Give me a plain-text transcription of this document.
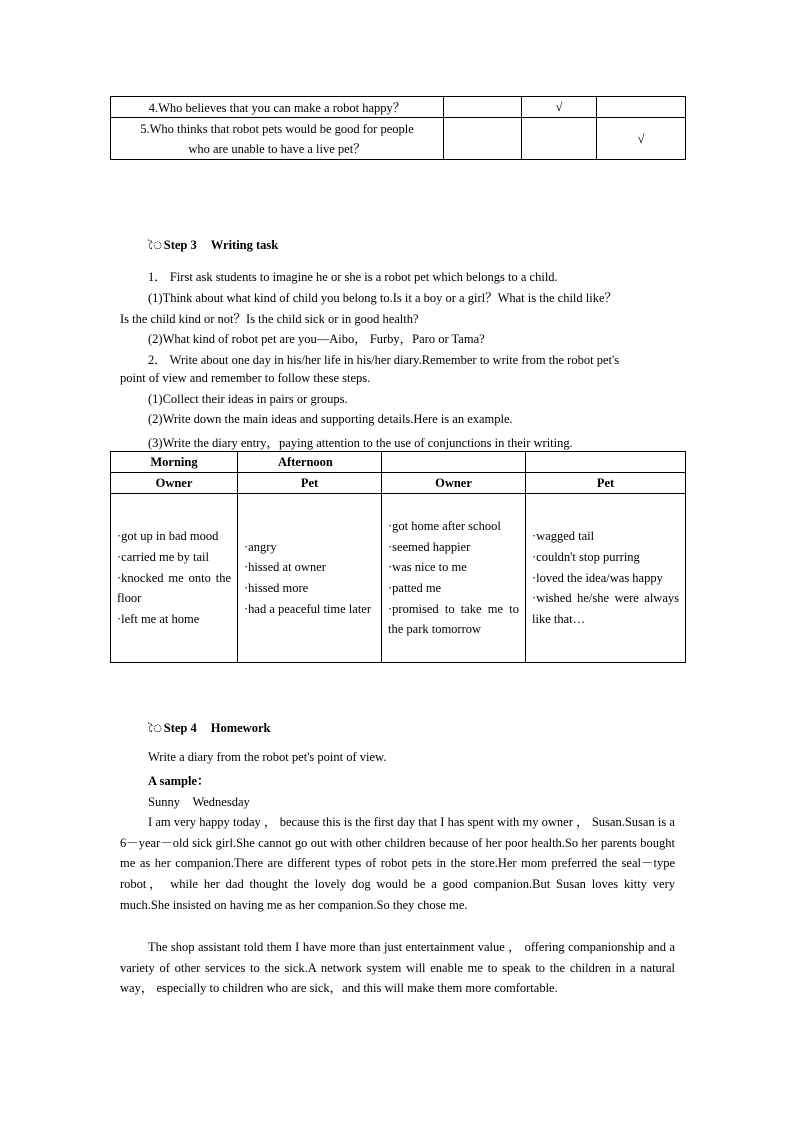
4.Who believes that you can make a robot happy？		√	
5.Who thinks that robot pets would be good for people
who are unable to have a live pet？			√
ৈStep 3 Writing task
1． First ask students to imagine he or she is a robot pet which belongs to a child.
(1)Think about what kind of child you belong to.Is it a boy or a girl？What is the child like？
Is the child kind or not？Is the child sick or in good health?
(2)What kind of robot pet are you—Aibo， Furby，Paro or Tama?
2． Write about one day in his/her life in his/her diary.Remember to write from the robot pet's
point of view and remember to follow these steps.
(1)Collect their ideas in pairs or groups.
(2)Write down the main ideas and supporting details.Here is an example.
(3)Write the diary entry，paying attention to the use of conjunctions in their writing.
Morning	Afternoon		
Owner	Pet	Owner	Pet

·got up in bad mood
·carried me by tail
·knocked me onto the floor
·left me at home	·angry
·hissed at owner
·hissed more
·had a peaceful time later	·got home after school
·seemed happier
·was nice to me
·patted me
·promised to take me to the park tomorrow	·wagged tail
·couldn't stop purring
·loved the idea/was happy
·wished he/she were always like that…
ৈStep 4 Homework
Write a diary from the robot pet's point of view.
A sample：
Sunny　Wednesday
I am very happy today ， because this is the first day that I has spent with my owner ， Susan.Susan is a 6－year－old sick girl.She cannot go out with other children because of her poor health.So her parents bought me as her companion.There are different types of robot pets in the store.Her mom preferred the seal－type robot， while her dad thought the lovely dog would be a good companion.But Susan loves kitty very much.She insisted on having me as her companion.So they chose me.
The shop assistant told them I have more than just entertainment value ， offering companionship and a variety of other services to the sick.A network system will enable me to speak to the children in a natural way， especially to children who are sick，and this will make them more comfortable.
